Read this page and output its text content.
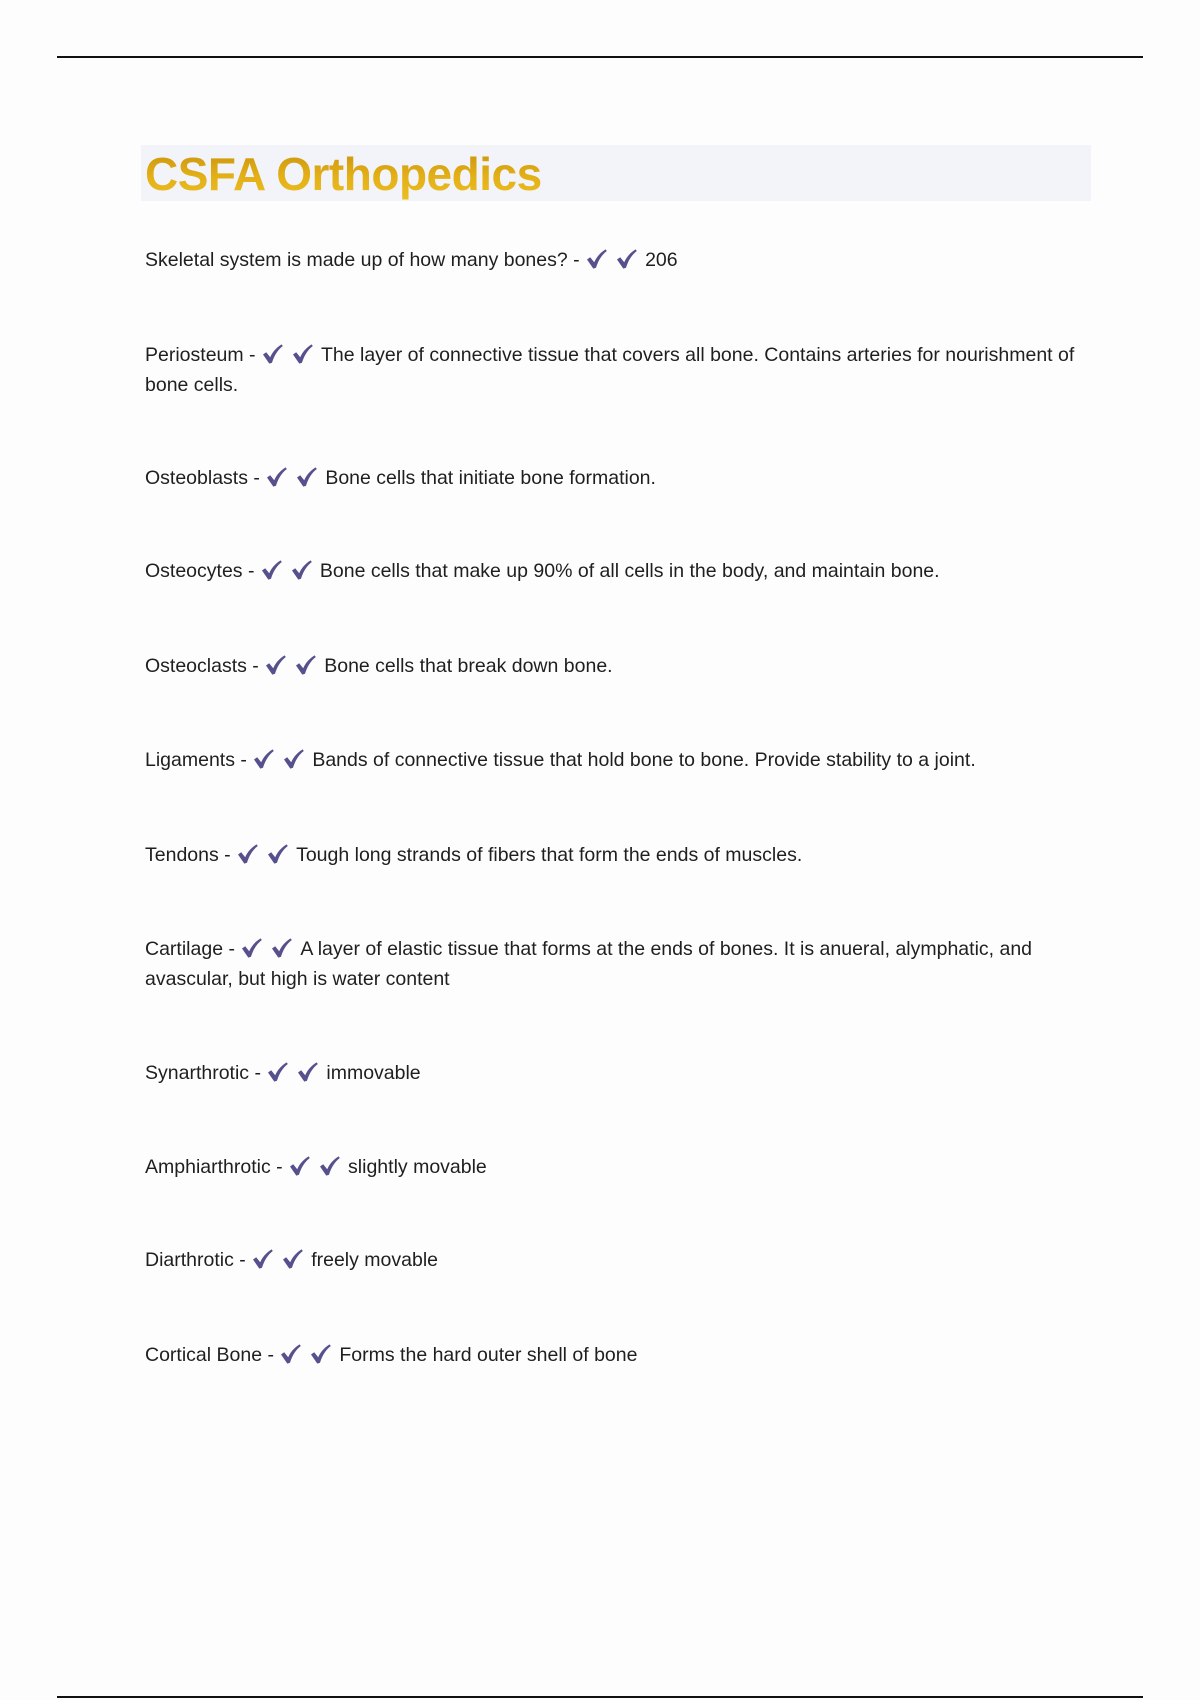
CSFA Orthopedics
Skeletal system is made up of how many bones? -	206
Periosteum -	The layer of connective tissue that covers all bone. Contains arteries for nourishment of bone cells.
Osteoblasts -	Bone cells that initiate bone formation.
Osteocytes -	Bone cells that make up 90% of all cells in the body, and maintain bone.
Osteoclasts -	Bone cells that break down bone.
Ligaments -	Bands of connective tissue that hold bone to bone. Provide stability to a joint.
Tendons -	Tough long strands of fibers that form the ends of muscles.
Cartilage -	A layer of elastic tissue that forms at the ends of bones. It is anueral, alymphatic, and avascular, but high is water content
Synarthrotic -	immovable
Amphiarthrotic -	slightly movable
Diarthrotic -	freely movable
Cortical Bone -	Forms the hard outer shell of bone
